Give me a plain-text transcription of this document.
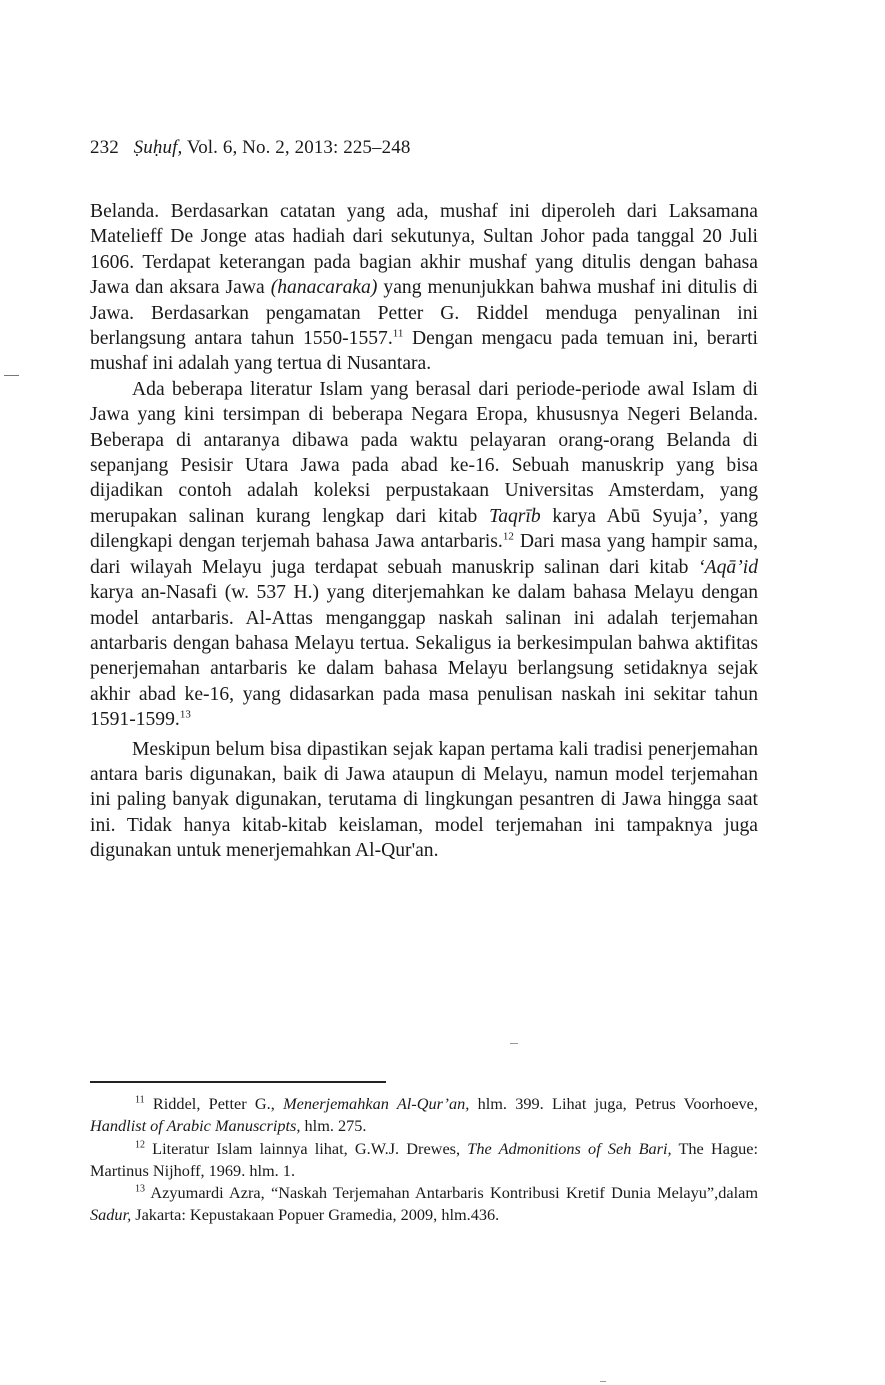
232 Ṣuḥuf, Vol. 6, No. 2, 2013: 225–248

Belanda. Berdasarkan catatan yang ada, mushaf ini diperoleh dari Laksamana Matelieff De Jonge atas hadiah dari sekutunya, Sultan Johor pada tanggal 20 Juli 1606. Terdapat keterangan pada bagian akhir mushaf yang ditulis dengan bahasa Jawa dan aksara Jawa (hanacaraka) yang menunjukkan bahwa mushaf ini ditulis di Jawa. Berdasarkan pengamatan Petter G. Riddel menduga penyalinan ini berlangsung antara tahun 1550-1557.11 Dengan mengacu pada temuan ini, berarti mushaf ini adalah yang tertua di Nusantara.

Ada beberapa literatur Islam yang berasal dari periode-periode awal Islam di Jawa yang kini tersimpan di beberapa Negara Eropa, khususnya Negeri Belanda. Beberapa di antaranya dibawa pada waktu pelayaran orang-orang Belanda di sepanjang Pesisir Utara Jawa pada abad ke-16. Sebuah manuskrip yang bisa dijadikan contoh adalah koleksi perpustakaan Universitas Amsterdam, yang merupakan salinan kurang lengkap dari kitab Taqrīb karya Abū Syuja’, yang dilengkapi dengan terjemah bahasa Jawa antarbaris.$^{12}$ Dari masa yang hampir sama, dari wilayah Melayu juga terdapat sebuah manuskrip salinan dari kitab ‘Aqā’id karya an-Nasafi (w. 537 H.) yang diterjemahkan ke dalam bahasa Melayu dengan model antarbaris. Al-Attas menganggap naskah salinan ini adalah terjemahan antarbaris dengan bahasa Melayu tertua. Sekaligus ia berkesimpulan bahwa aktifitas penerjemahan antarbaris ke dalam bahasa Melayu berlangsung setidaknya sejak akhir abad ke-16, yang didasarkan pada masa penulisan naskah ini sekitar tahun 1591-1599.13

Meskipun belum bisa dipastikan sejak kapan pertama kali tradisi penerjemahan antara baris digunakan, baik di Jawa ataupun di Melayu, namun model terjemahan ini paling banyak digunakan, terutama di lingkungan pesantren di Jawa hingga saat ini. Tidak hanya kitab-kitab keislaman, model terjemahan ini tampaknya juga digunakan untuk menerjemahkan Al-Qur'an.

$^{11}$ Riddel, Petter G., Menerjemahkan Al-Qur’an, hlm. 399. Lihat juga, Petrus Voorhoeve, Handlist of Arabic Manuscripts, hlm. 275.

$^{12}$ Literatur Islam lainnya lihat, G.W.J. Drewes, The Admonitions of Seh Bari, The Hague: Martinus Nijhoff, 1969. hlm. 1.

$^{13}$ Azyumardi Azra, “Naskah Terjemahan Antarbaris Kontribusi Kretif Dunia Melayu”,dalam Sadur, Jakarta: Kepustakaan Popuer Gramedia, 2009, hlm.436.
